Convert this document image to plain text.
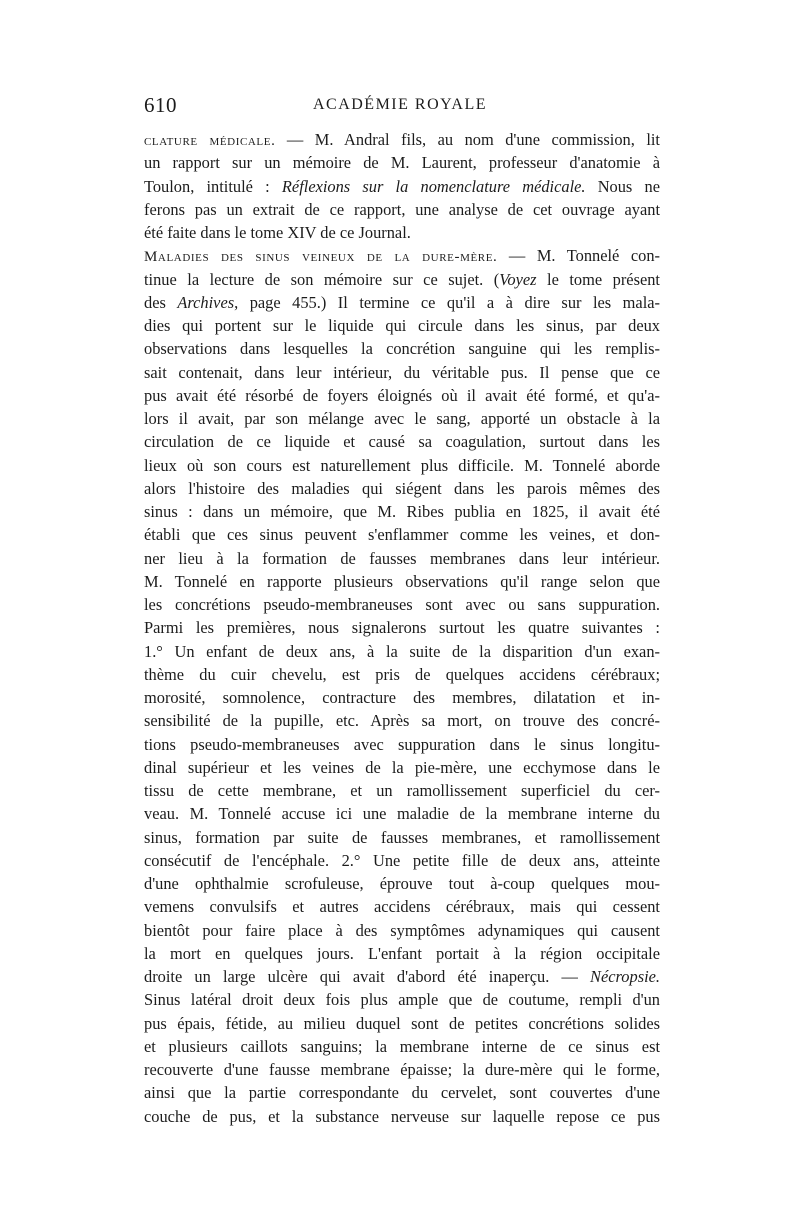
610	ACADÉMIE ROYALE
clature médicale. — M. Andral fils, au nom d'une commission, lit
un rapport sur un mémoire de M. Laurent, professeur d'anatomie à
Toulon, intitulé : Réflexions sur la nomenclature médicale. Nous ne
ferons pas un extrait de ce rapport, une analyse de cet ouvrage ayant
été faite dans le tome XIV de ce Journal.
Maladies des sinus veineux de la dure-mère. — M. Tonnelé con-
tinue la lecture de son mémoire sur ce sujet. (Voyez le tome présent
des Archives, page 455.) Il termine ce qu'il a à dire sur les mala-
dies qui portent sur le liquide qui circule dans les sinus, par deux
observations dans lesquelles la concrétion sanguine qui les remplis-
sait contenait, dans leur intérieur, du véritable pus. Il pense que ce
pus avait été résorbé de foyers éloignés où il avait été formé, et qu'a-
lors il avait, par son mélange avec le sang, apporté un obstacle à la
circulation de ce liquide et causé sa coagulation, surtout dans les
lieux où son cours est naturellement plus difficile. M. Tonnelé aborde
alors l'histoire des maladies qui siégent dans les parois mêmes des
sinus : dans un mémoire, que M. Ribes publia en 1825, il avait été
établi que ces sinus peuvent s'enflammer comme les veines, et don-
ner lieu à la formation de fausses membranes dans leur intérieur.
M. Tonnelé en rapporte plusieurs observations qu'il range selon que
les concrétions pseudo-membraneuses sont avec ou sans suppuration.
Parmi les premières, nous signalerons surtout les quatre suivantes :
1.° Un enfant de deux ans, à la suite de la disparition d'un exan-
thème du cuir chevelu, est pris de quelques accidens cérébraux;
morosité, somnolence, contracture des membres, dilatation et in-
sensibilité de la pupille, etc. Après sa mort, on trouve des concré-
tions pseudo-membraneuses avec suppuration dans le sinus longitu-
dinal supérieur et les veines de la pie-mère, une ecchymose dans le
tissu de cette membrane, et un ramollissement superficiel du cer-
veau. M. Tonnelé accuse ici une maladie de la membrane interne du
sinus, formation par suite de fausses membranes, et ramollissement
consécutif de l'encéphale. 2.° Une petite fille de deux ans, atteinte
d'une ophthalmie scrofuleuse, éprouve tout à-coup quelques mou-
vemens convulsifs et autres accidens cérébraux, mais qui cessent
bientôt pour faire place à des symptômes adynamiques qui causent
la mort en quelques jours. L'enfant portait à la région occipitale
droite un large ulcère qui avait d'abord été inaperçu. — Nécropsie.
Sinus latéral droit deux fois plus ample que de coutume, rempli d'un
pus épais, fétide, au milieu duquel sont de petites concrétions solides
et plusieurs caillots sanguins; la membrane interne de ce sinus est
recouverte d'une fausse membrane épaisse; la dure-mère qui le forme,
ainsi que la partie correspondante du cervelet, sont couvertes d'une
couche de pus, et la substance nerveuse sur laquelle repose ce pus
